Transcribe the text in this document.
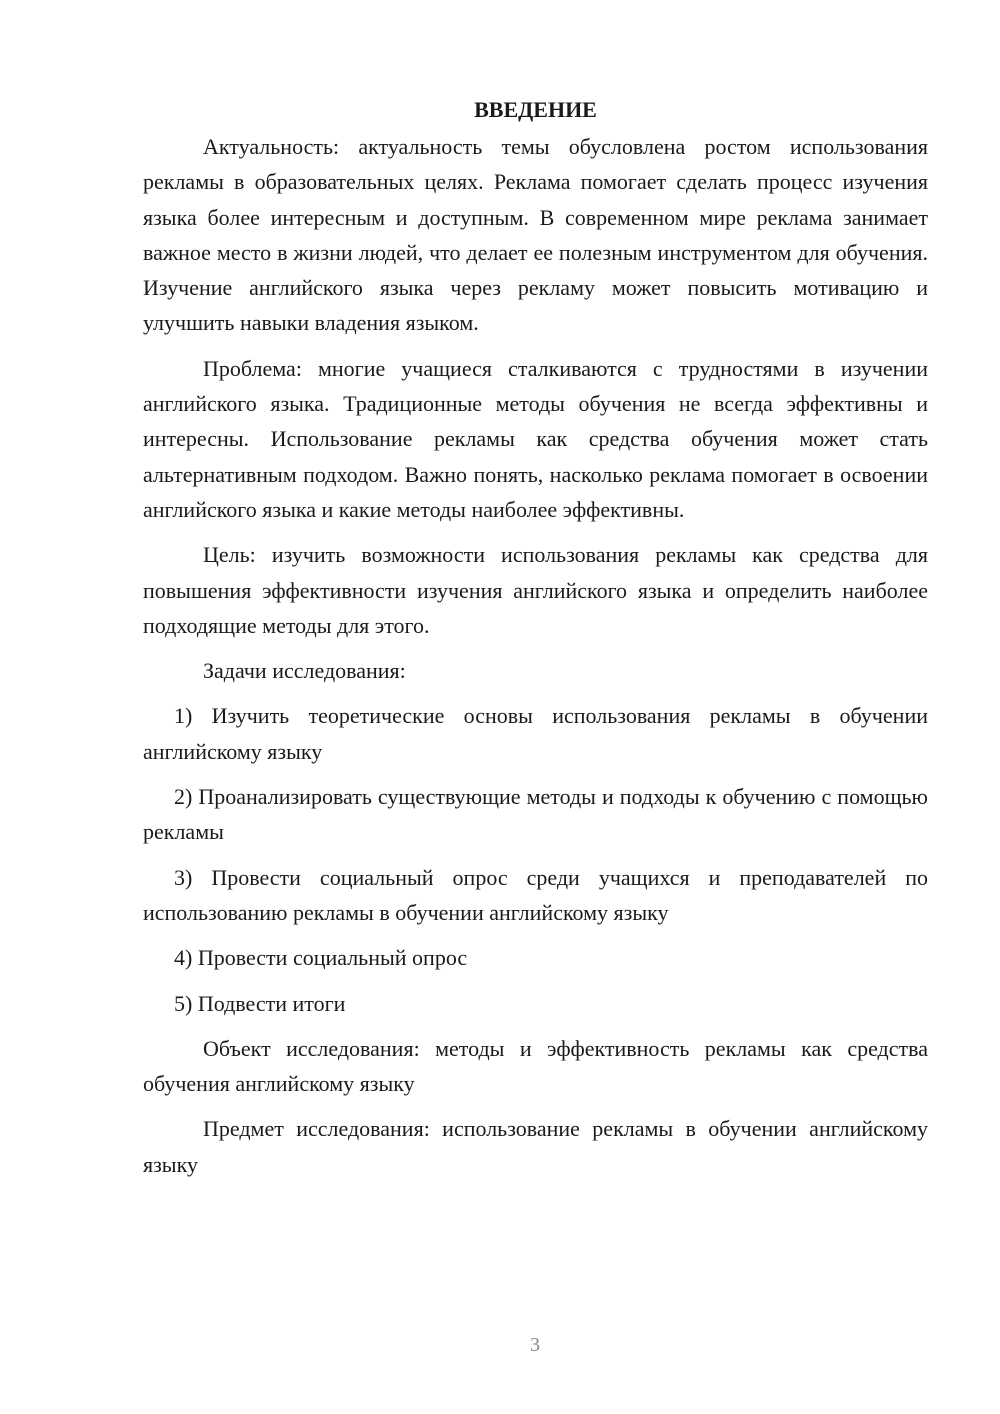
ВВЕДЕНИЕ

Актуальность: актуальность темы обусловлена ростом использования рекламы в образовательных целях. Реклама помогает сделать процесс изучения языка более интересным и доступным. В современном мире реклама занимает важное место в жизни людей, что делает ее полезным инструментом для обучения. Изучение английского языка через рекламу может повысить мотивацию и улучшить навыки владения языком.

Проблема: многие учащиеся сталкиваются с трудностями в изучении английского языка. Традиционные методы обучения не всегда эффективны и интересны. Использование рекламы как средства обучения может стать альтернативным подходом. Важно понять, насколько реклама помогает в освоении английского языка и какие методы наиболее эффективны.

Цель: изучить возможности использования рекламы как средства для повышения эффективности изучения английского языка и определить наиболее подходящие методы для этого.

Задачи исследования:

1) Изучить теоретические основы использования рекламы в обучении английскому языку

2) Проанализировать существующие методы и подходы к обучению с помощью рекламы

3) Провести социальный опрос среди учащихся и преподавателей по использованию рекламы в обучении английскому языку

4) Провести социальный опрос

5) Подвести итоги

Объект исследования: методы и эффективность рекламы как средства обучения английскому языку

Предмет исследования: использование рекламы в обучении английскому языку

3
